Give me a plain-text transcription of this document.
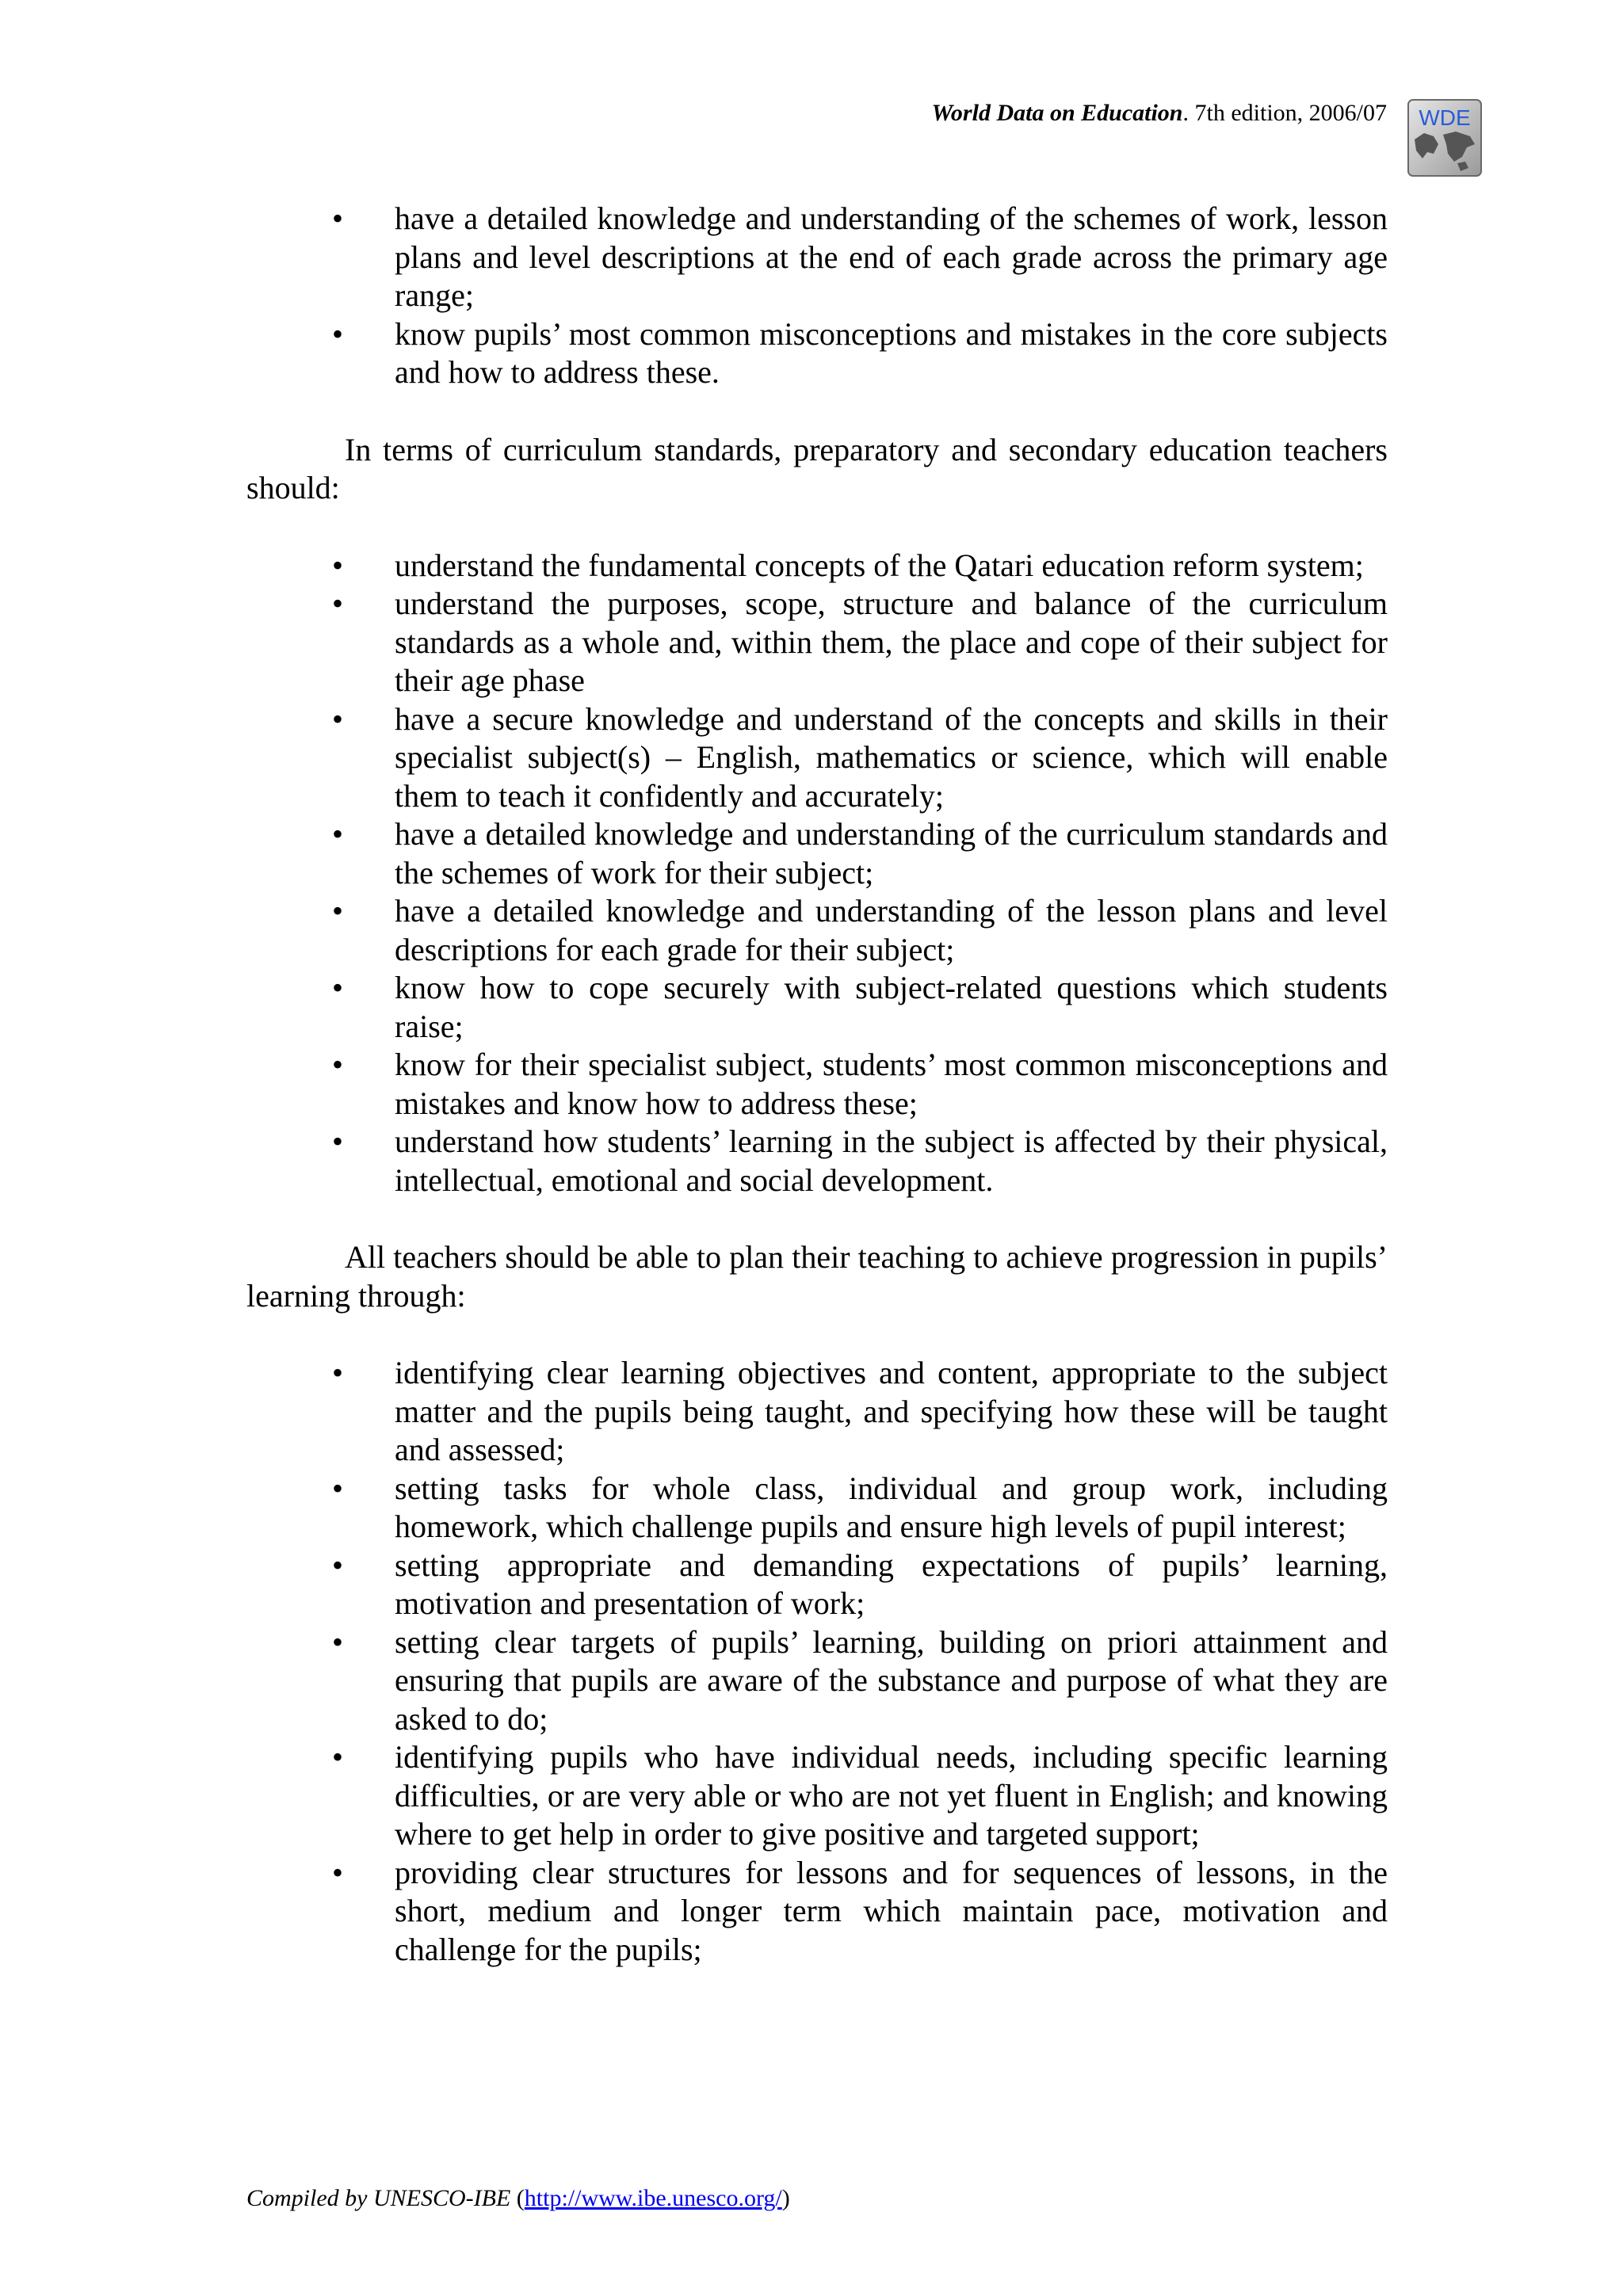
World Data on Education. 7th edition, 2006/07 WDE
• have a detailed knowledge and understanding of the schemes of work, lesson plans and level descriptions at the end of each grade across the primary age range;
• know pupils’ most common misconceptions and mistakes in the core subjects and how to address these.

In terms of curriculum standards, preparatory and secondary education teachers should:

• understand the fundamental concepts of the Qatari education reform system;
• understand the purposes, scope, structure and balance of the curriculum standards as a whole and, within them, the place and cope of their subject for their age phase
• have a secure knowledge and understand of the concepts and skills in their specialist subject(s) – English, mathematics or science, which will enable them to teach it confidently and accurately;
• have a detailed knowledge and understanding of the curriculum standards and the schemes of work for their subject;
• have a detailed knowledge and understanding of the lesson plans and level descriptions for each grade for their subject;
• know how to cope securely with subject-related questions which students raise;
• know for their specialist subject, students’ most common misconceptions and mistakes and know how to address these;
• understand how students’ learning in the subject is affected by their physical, intellectual, emotional and social development.

All teachers should be able to plan their teaching to achieve progression in pupils’ learning through:

• identifying clear learning objectives and content, appropriate to the subject matter and the pupils being taught, and specifying how these will be taught and assessed;
• setting tasks for whole class, individual and group work, including homework, which challenge pupils and ensure high levels of pupil interest;
• setting appropriate and demanding expectations of pupils’ learning, motivation and presentation of work;
• setting clear targets of pupils’ learning, building on priori attainment and ensuring that pupils are aware of the substance and purpose of what they are asked to do;
• identifying pupils who have individual needs, including specific learning difficulties, or are very able or who are not yet fluent in English; and knowing where to get help in order to give positive and targeted support;
• providing clear structures for lessons and for sequences of lessons, in the short, medium and longer term which maintain pace, motivation and challenge for the pupils;
Compiled by UNESCO-IBE (http://www.ibe.unesco.org/)
